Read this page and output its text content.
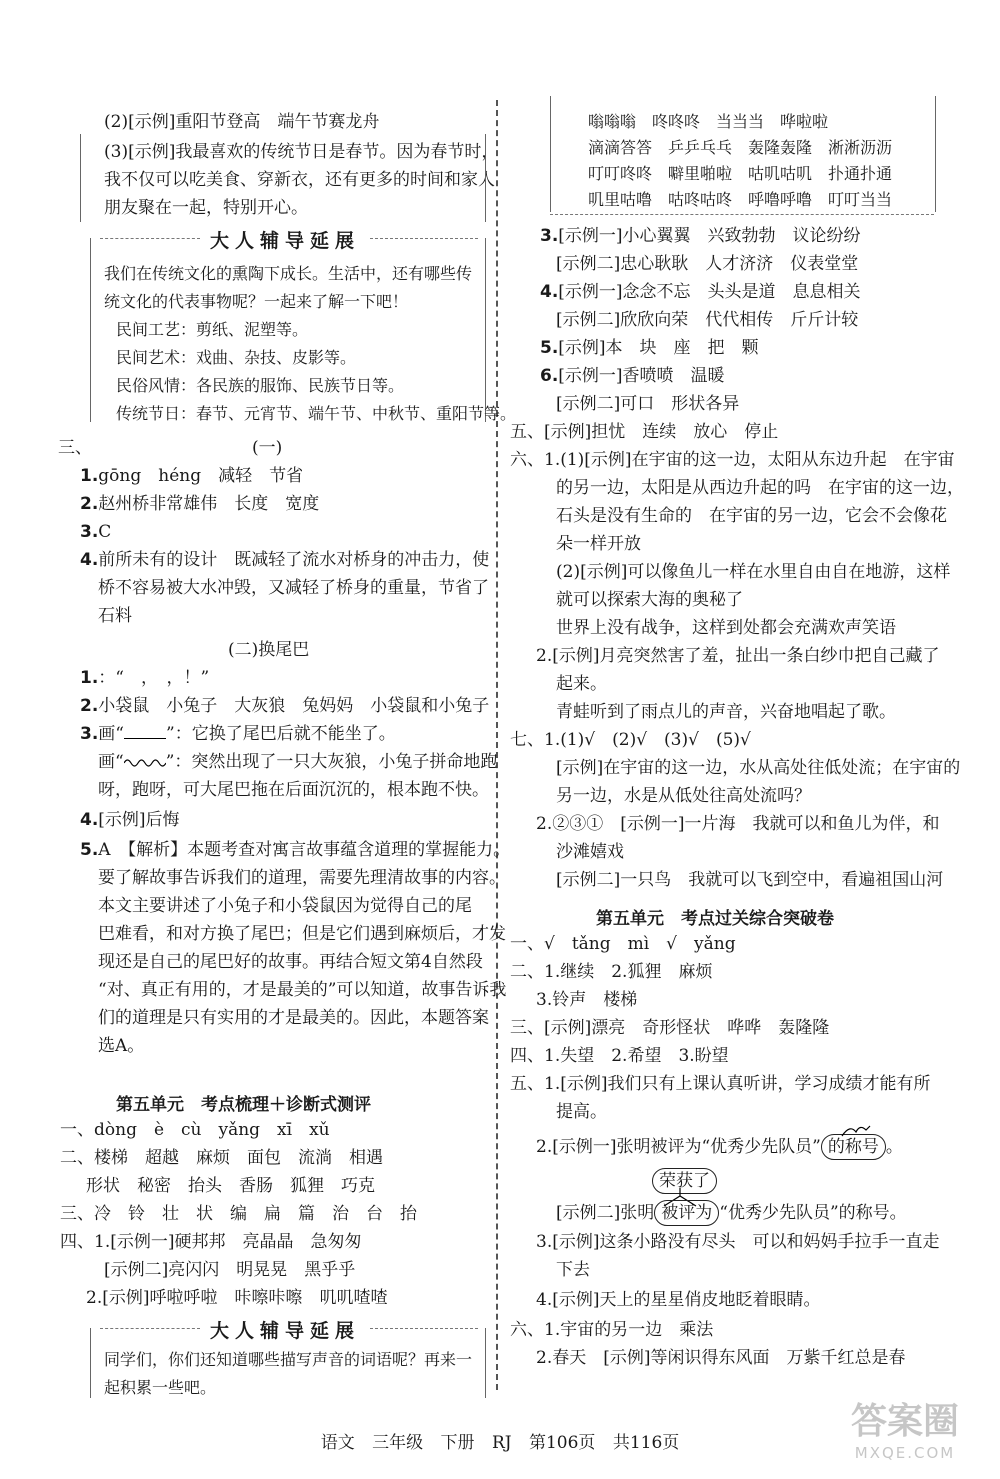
(2)[示例]重阳节登高　端午节赛龙舟
(3)[示例]我最喜欢的传统节日是春节。因为春节时，
我不仅可以吃美食、穿新衣，还有更多的时间和家人
朋友聚在一起，特别开心。
大人辅导延展
我们在传统文化的熏陶下成长。生活中，还有哪些传
统文化的代表事物呢？一起来了解一下吧！
民间工艺：剪纸、泥塑等。
民间艺术：戏曲、杂技、皮影等。
民俗风情：各民族的服饰、民族节日等。
传统节日：春节、元宵节、端午节、中秋节、重阳节等。
三、	(一)
1.gōng　héng　减轻　节省
2.赵州桥非常雄伟　长度　宽度
3.C
4.前所未有的设计　既减轻了流水对桥身的冲击力，使
桥不容易被大水冲毁，又减轻了桥身的重量，节省了
石料
(二)换尾巴
1.：“　，　，！”
2.小袋鼠　小兔子　大灰狼　兔妈妈　小袋鼠和小兔子
3.画“ ”：它换了尾巴后就不能坐了。
画“ ”：突然出现了一只大灰狼，小兔子拼命地跑
呀，跑呀，可大尾巴拖在后面沉沉的，根本跑不快。
4.[示例]后悔
5.A　【解析】本题考查对寓言故事蕴含道理的掌握能力。
要了解故事告诉我们的道理，需要先理清故事的内容。
本文主要讲述了小兔子和小袋鼠因为觉得自己的尾
巴难看，和对方换了尾巴；但是它们遇到麻烦后，才发
现还是自己的尾巴好的故事。再结合短文第4自然段
“对、真正有用的，才是最美的”可以知道，故事告诉我
们的道理是只有实用的才是最美的。因此，本题答案
选A。
第五单元　考点梳理＋诊断式测评
一、dòng　è　cù　yǎng　xī　xǔ
二、楼梯　超越　麻烦　面包　流淌　相遇
形状　秘密　抬头　香肠　狐狸　巧克
三、冷　铃　壮　状　编　扁　篇　治　台　抬
四、1.[示例一]硬邦邦　亮晶晶　急匆匆
[示例二]亮闪闪　明晃晃　黑乎乎
2.[示例]呼啦呼啦　咔嚓咔嚓　叽叽喳喳
大人辅导延展
同学们，你们还知道哪些描写声音的词语呢？再来一
起积累一些吧。
嗡嗡嗡　咚咚咚　当当当　哗啦啦
滴滴答答　乒乒乓乓　轰隆轰隆　淅淅沥沥
叮叮咚咚　噼里啪啦　咕叽咕叽　扑通扑通
叽里咕噜　咕咚咕咚　呼噜呼噜　叮叮当当
3.[示例一]小心翼翼　兴致勃勃　议论纷纷
[示例二]忠心耿耿　人才济济　仪表堂堂
4.[示例一]念念不忘　头头是道　息息相关
[示例二]欣欣向荣　代代相传　斤斤计较
5.[示例]本　块　座　把　颗
6.[示例一]香喷喷　温暖
[示例二]可口　形状各异
五、[示例]担忧　连续　放心　停止
六、1.(1)[示例]在宇宙的这一边，太阳从东边升起　在宇宙
的另一边，太阳是从西边升起的吗　在宇宙的这一边，
石头是没有生命的　在宇宙的另一边，它会不会像花
朵一样开放
(2)[示例]可以像鱼儿一样在水里自由自在地游，这样
就可以探索大海的奥秘了
世界上没有战争，这样到处都会充满欢声笑语
2.[示例]月亮突然害了羞，扯出一条白纱巾把自己藏了
起来。
青蛙听到了雨点儿的声音，兴奋地唱起了歌。
七、1.(1)√　(2)√　(3)√　(5)√
[示例]在宇宙的这一边，水从高处往低处流；在宇宙的
另一边，水是从低处往高处流吗？
2.②③①　[示例一]一片海　我就可以和鱼儿为伴，和
沙滩嬉戏
[示例二]一只鸟　我就可以飞到空中，看遍祖国山河
第五单元　考点过关综合突破卷
一、√　tǎng　mì　√　yǎng
二、1.继续　2.狐狸　麻烦
3.铃声　楼梯
三、[示例]漂亮　奇形怪状　哗哗　轰隆隆
四、1.失望　2.希望　3.盼望
五、1.[示例]我们只有上课认真听讲，学习成绩才能有所
提高。
2.[示例一]张明被评为“优秀少先队员” 的称号 。
荣获了
[示例二]张明 被评为 “优秀少先队员”的称号。
3.[示例]这条小路没有尽头　可以和妈妈手拉手一直走
下去
4.[示例]天上的星星俏皮地眨着眼睛。
六、1.宇宙的另一边　乘法
2.春天　[示例]等闲识得东风面　万紫千红总是春
语文 三年级 下册 RJ 第106页 共116页
答案圈
MXQE.COM
